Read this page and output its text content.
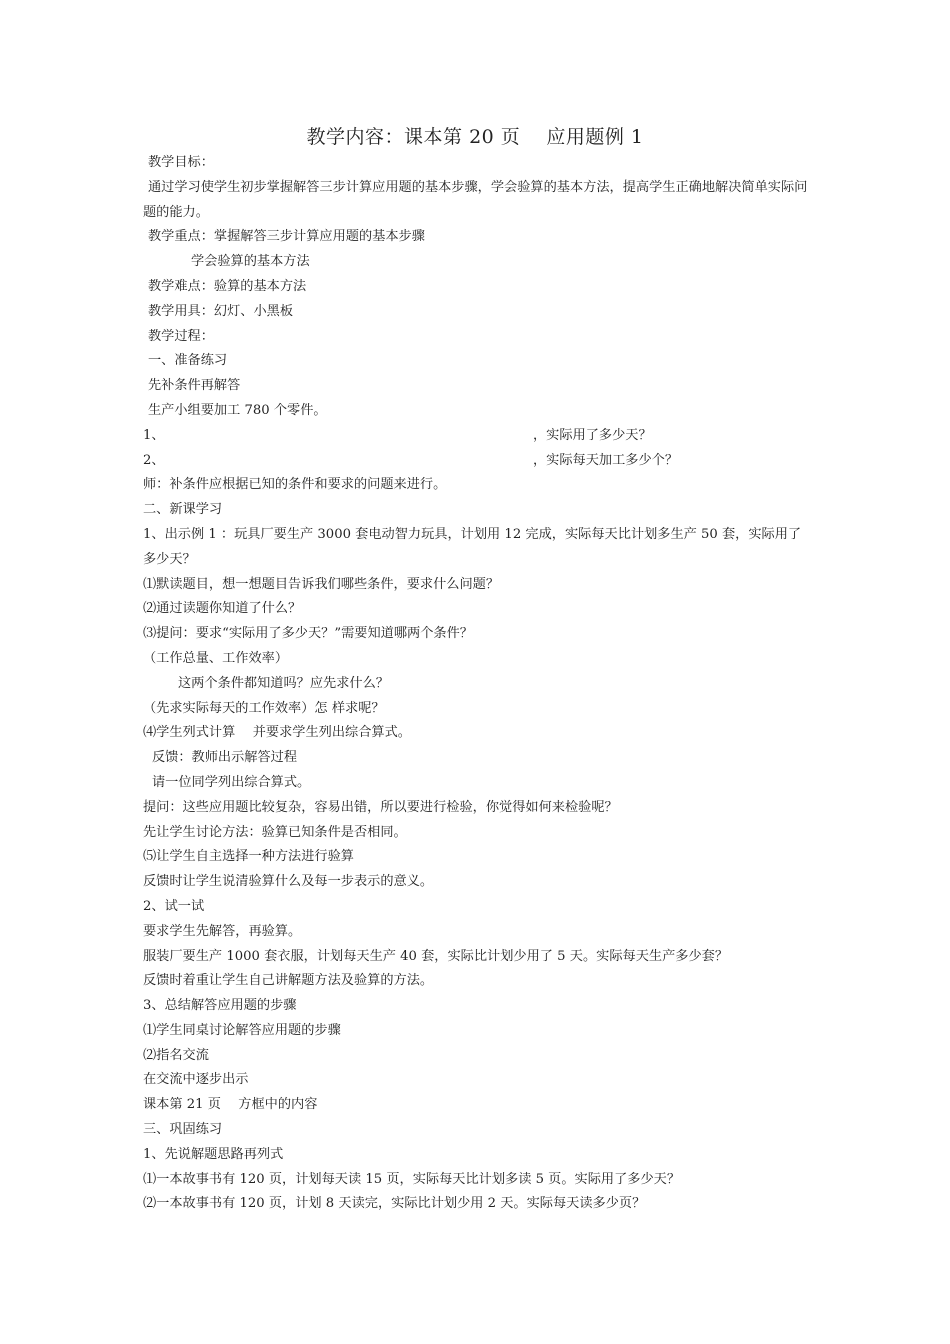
教学内容：课本第 20 页　 应用题例 1
教学目标：
通过学习使学生初步掌握解答三步计算应用题的基本步骤，学会验算的基本方法，提高学生正确地解决简单实际问题的能力。
教学重点：掌握解答三步计算应用题的基本步骤
学会验算的基本方法
教学难点：验算的基本方法
教学用具：幻灯、小黑板
教学过程：
一、准备练习
先补条件再解答
生产小组要加工 780 个零件。
1、	，实际用了多少天？
2、	，实际每天加工多少个？
师：补条件应根据已知的条件和要求的问题来进行。
二、新课学习
1、出示例 1 ：玩具厂要生产 3000 套电动智力玩具，计划用 12 完成，实际每天比计划多生产 50 套，实际用了多少天？
⑴默读题目，想一想题目告诉我们哪些条件，要求什么问题？
⑵通过读题你知道了什么？
⑶提问：要求“实际用了多少天？”需要知道哪两个条件？
（工作总量、工作效率）
这两个条件都知道吗？应先求什么？
（先求实际每天的工作效率）怎 样求呢？
⑷学生列式计算　 并要求学生列出综合算式。
反馈：教师出示解答过程
请一位同学列出综合算式。
提问：这些应用题比较复杂，容易出错，所以要进行检验，你觉得如何来检验呢？
先让学生讨论方法：验算已知条件是否相同。
⑸让学生自主选择一种方法进行验算
反馈时让学生说清验算什么及每一步表示的意义。
2、试一试
要求学生先解答，再验算。
服装厂要生产 1000 套衣服，计划每天生产 40 套，实际比计划少用了 5 天。实际每天生产多少套？
反馈时着重让学生自己讲解题方法及验算的方法。
3、总结解答应用题的步骤
⑴学生同桌讨论解答应用题的步骤
⑵指名交流
在交流中逐步出示
课本第 21 页　 方框中的内容
三、巩固练习
1、先说解题思路再列式
⑴一本故事书有 120 页，计划每天读 15 页，实际每天比计划多读 5 页。实际用了多少天？
⑵一本故事书有 120 页，计划 8 天读完，实际比计划少用 2 天。实际每天读多少页？
